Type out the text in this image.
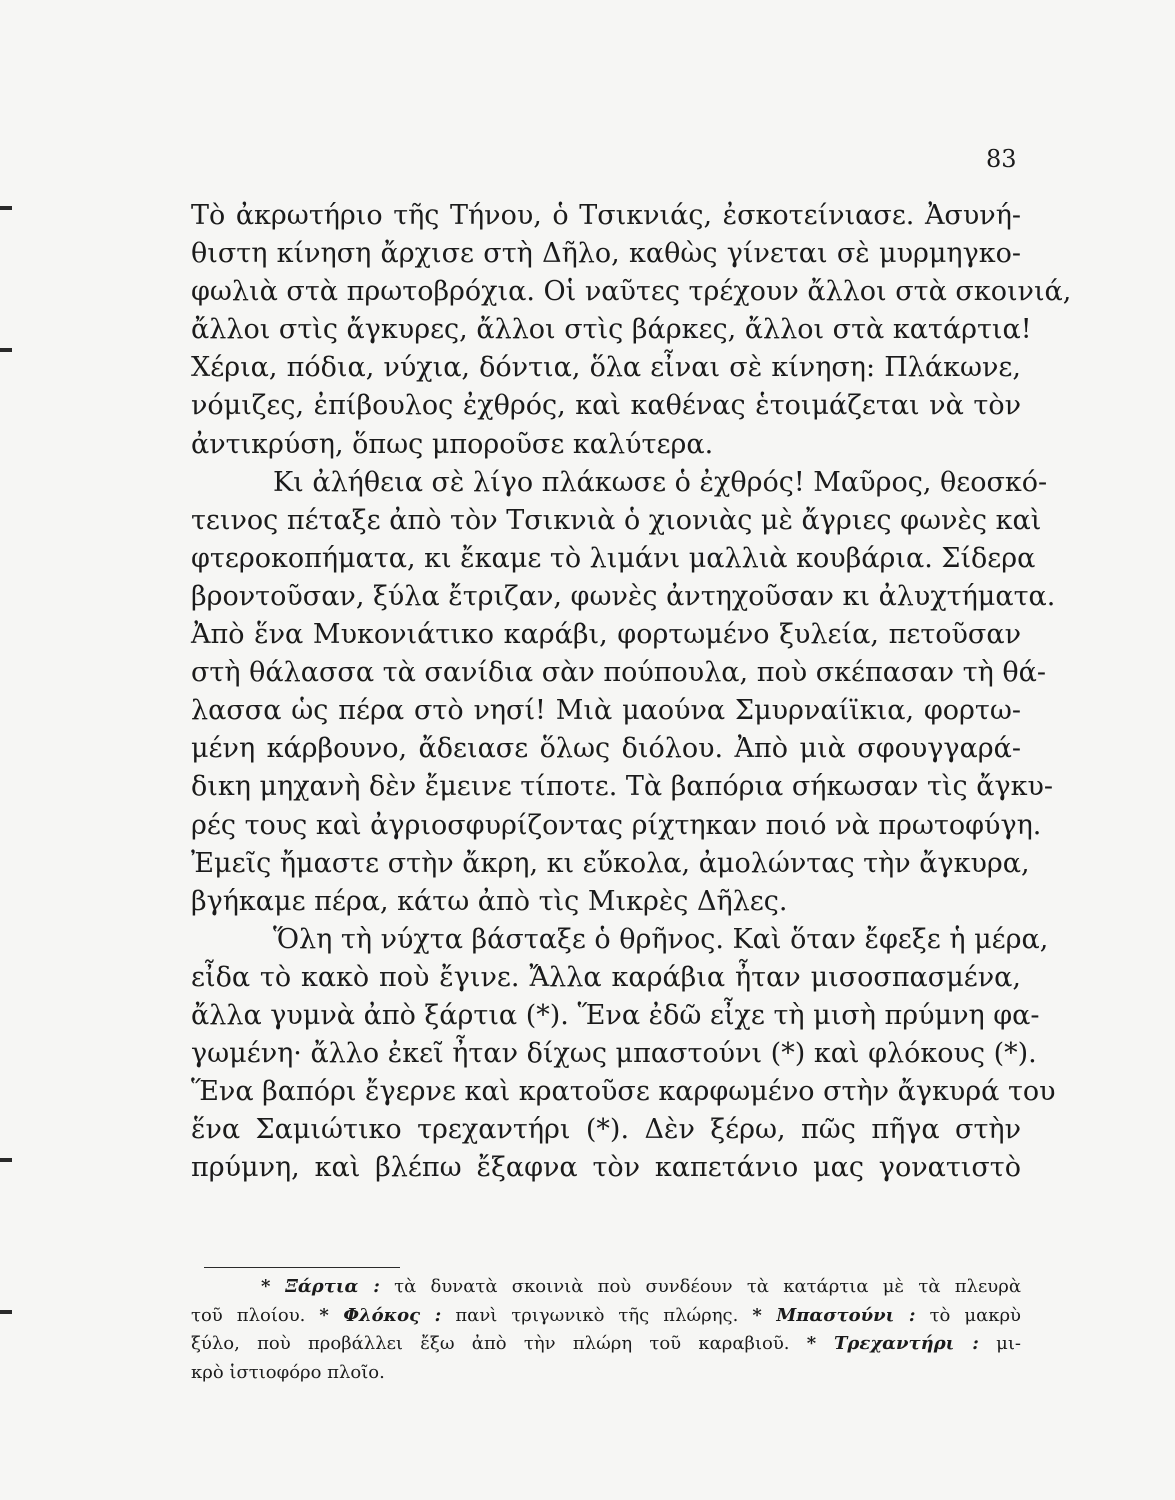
83
Τὸ ἀκρωτήριο τῆς Τήνου, ὁ Τσικνιάς, ἐσκοτείνιασε. Ἀσυνή-
θιστη κίνηση ἄρχισε στὴ Δῆλο, καθὼς γίνεται σὲ μυρμηγκο-
φωλιὰ στὰ πρωτοβρόχια. Οἱ ναῦτες τρέχουν ἄλλοι στὰ σκοινιά,
ἄλλοι στὶς ἄγκυρες, ἄλλοι στὶς βάρκες, ἄλλοι στὰ κατάρτια!
Χέρια, πόδια, νύχια, δόντια, ὅλα εἶναι σὲ κίνηση: Πλάκωνε,
νόμιζες, ἐπίβουλος ἐχθρός, καὶ καθένας ἑτοιμάζεται νὰ τὸν
ἀντικρύση, ὅπως μποροῦσε καλύτερα.
Κι ἀλήθεια σὲ λίγο πλάκωσε ὁ ἐχθρός! Μαῦρος, θεοσκό-
τεινος πέταξε ἀπὸ τὸν Τσικνιὰ ὁ χιονιὰς μὲ ἄγριες φωνὲς καὶ
φτεροκοπήματα, κι ἔκαμε τὸ λιμάνι μαλλιὰ κουβάρια. Σίδερα
βροντοῦσαν, ξύλα ἔτριζαν, φωνὲς ἀντηχοῦσαν κι ἀλυχτήματα.
Ἀπὸ ἕνα Μυκονιάτικο καράβι, φορτωμένο ξυλεία, πετοῦσαν
στὴ θάλασσα τὰ σανίδια σὰν πούπουλα, ποὺ σκέπασαν τὴ θά-
λασσα ὡς πέρα στὸ νησί! Μιὰ μαούνα Σμυρναίϊκια, φορτω-
μένη κάρβουνο, ἄδειασε ὅλως διόλου. Ἀπὸ μιὰ σφουγγαρά-
δικη μηχανὴ δὲν ἔμεινε τίποτε. Τὰ βαπόρια σήκωσαν τὶς ἄγκυ-
ρές τους καὶ ἀγριοσφυρίζοντας ρίχτηκαν ποιό νὰ πρωτοφύγη.
Ἐμεῖς ἤμαστε στὴν ἄκρη, κι εὔκολα, ἀμολώντας τὴν ἄγκυρα,
βγήκαμε πέρα, κάτω ἀπὸ τὶς Μικρὲς Δῆλες.
Ὅλη τὴ νύχτα βάσταξε ὁ θρῆνος. Καὶ ὅταν ἔφεξε ἡ μέρα,
εἶδα τὸ κακὸ ποὺ ἔγινε. Ἄλλα καράβια ἦταν μισοσπασμένα,
ἄλλα γυμνὰ ἀπὸ ξάρτια (*). Ἕνα ἐδῶ εἶχε τὴ μισὴ πρύμνη φα-
γωμένη· ἄλλο ἐκεῖ ἦταν δίχως μπαστούνι (*) καὶ φλόκους (*).
Ἕνα βαπόρι ἔγερνε καὶ κρατοῦσε καρφωμένο στὴν ἄγκυρά του
ἕνα Σαμιώτικο τρεχαντήρι (*). Δὲν ξέρω, πῶς πῆγα στὴν
πρύμνη, καὶ βλέπω ἔξαφνα τὸν καπετάνιο μας γονατιστὸ
* Ξάρτια : τὰ δυνατὰ σκοινιὰ ποὺ συνδέουν τὰ κατάρτια μὲ τὰ πλευρὰ
τοῦ πλοίου. * Φλόκος : πανὶ τριγωνικὸ τῆς πλώρης. * Μπαστούνι : τὸ μακρὺ
ξύλο, ποὺ προβάλλει ἔξω ἀπὸ τὴν πλώρη τοῦ καραβιοῦ. * Τρεχαντήρι : μι-
κρὸ ἱστιοφόρο πλοῖο.
